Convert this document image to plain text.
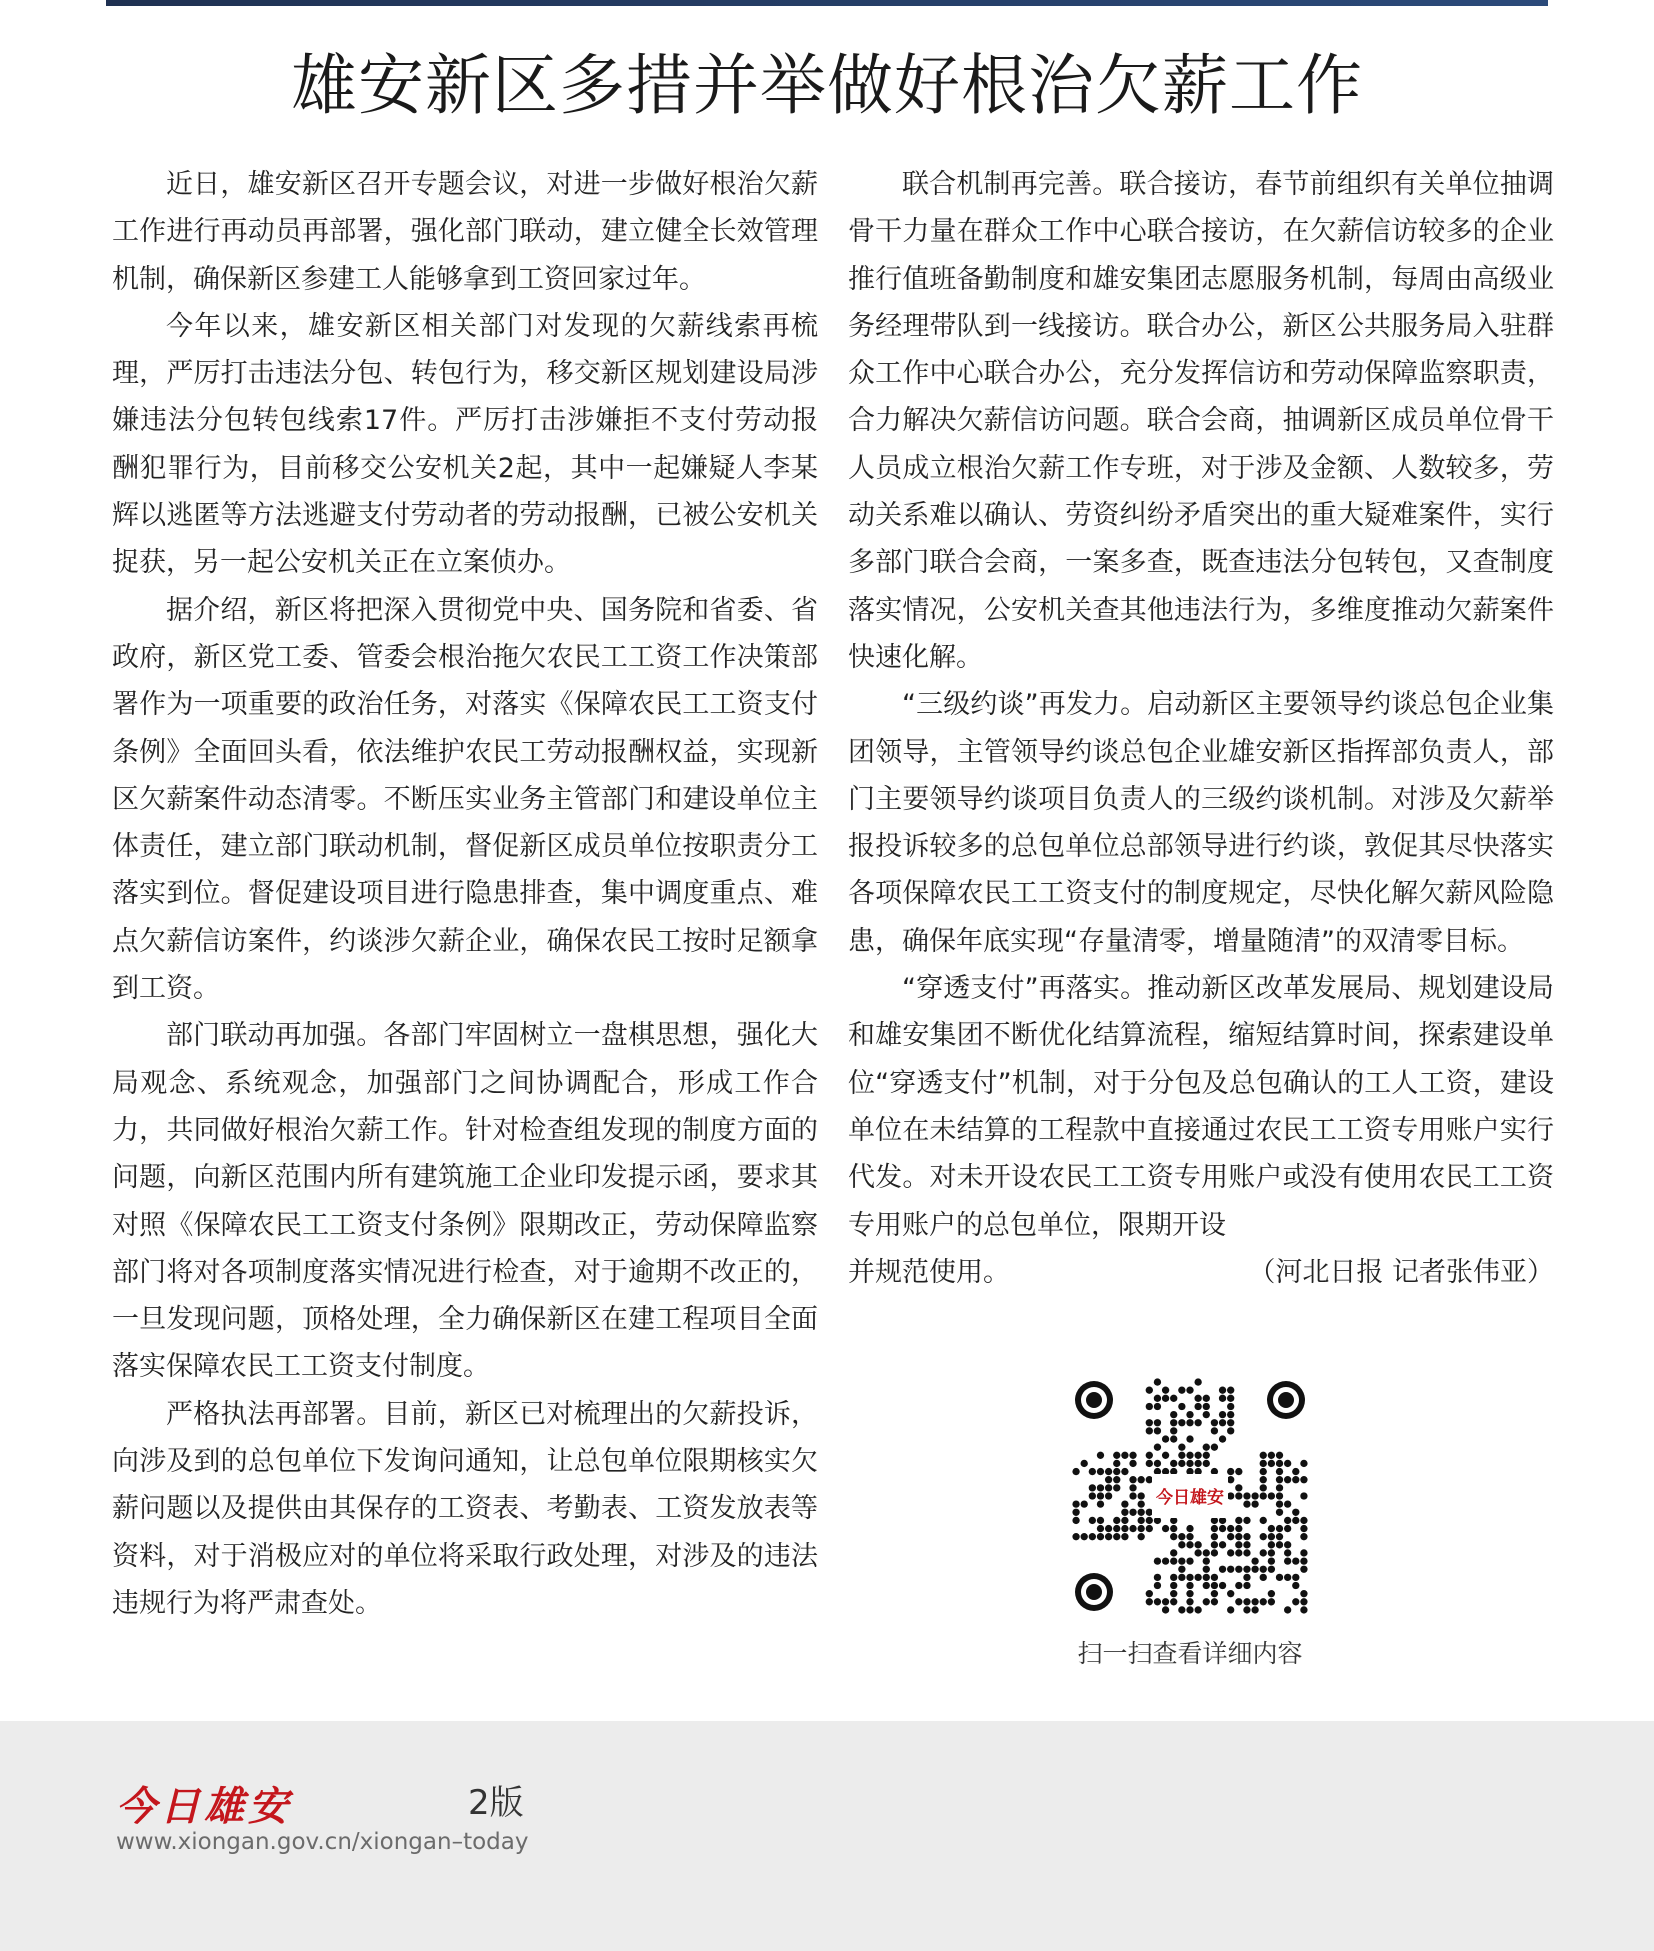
雄安新区多措并举做好根治欠薪工作

近日，雄安新区召开专题会议，对进一步做好根治欠薪工作进行再动员再部署，强化部门联动，建立健全长效管理机制，确保新区参建工人能够拿到工资回家过年。

今年以来，雄安新区相关部门对发现的欠薪线索再梳理，严厉打击违法分包、转包行为，移交新区规划建设局涉嫌违法分包转包线索17件。严厉打击涉嫌拒不支付劳动报酬犯罪行为，目前移交公安机关2起，其中一起嫌疑人李某辉以逃匿等方法逃避支付劳动者的劳动报酬，已被公安机关捉获，另一起公安机关正在立案侦办。

据介绍，新区将把深入贯彻党中央、国务院和省委、省政府，新区党工委、管委会根治拖欠农民工工资工作决策部署作为一项重要的政治任务，对落实《保障农民工工资支付条例》全面回头看，依法维护农民工劳动报酬权益，实现新区欠薪案件动态清零。不断压实业务主管部门和建设单位主体责任，建立部门联动机制，督促新区成员单位按职责分工落实到位。督促建设项目进行隐患排查，集中调度重点、难点欠薪信访案件，约谈涉欠薪企业，确保农民工按时足额拿到工资。

部门联动再加强。各部门牢固树立一盘棋思想，强化大局观念、系统观念，加强部门之间协调配合，形成工作合力，共同做好根治欠薪工作。针对检查组发现的制度方面的问题，向新区范围内所有建筑施工企业印发提示函，要求其对照《保障农民工工资支付条例》限期改正，劳动保障监察部门将对各项制度落实情况进行检查，对于逾期不改正的，一旦发现问题，顶格处理，全力确保新区在建工程项目全面落实保障农民工工资支付制度。

严格执法再部署。目前，新区已对梳理出的欠薪投诉，向涉及到的总包单位下发询问通知，让总包单位限期核实欠薪问题以及提供由其保存的工资表、考勤表、工资发放表等资料，对于消极应对的单位将采取行政处理，对涉及的违法违规行为将严肃查处。

联合机制再完善。联合接访，春节前组织有关单位抽调骨干力量在群众工作中心联合接访，在欠薪信访较多的企业推行值班备勤制度和雄安集团志愿服务机制，每周由高级业务经理带队到一线接访。联合办公，新区公共服务局入驻群众工作中心联合办公，充分发挥信访和劳动保障监察职责，合力解决欠薪信访问题。联合会商，抽调新区成员单位骨干人员成立根治欠薪工作专班，对于涉及金额、人数较多，劳动关系难以确认、劳资纠纷矛盾突出的重大疑难案件，实行多部门联合会商，一案多查，既查违法分包转包，又查制度落实情况，公安机关查其他违法行为，多维度推动欠薪案件快速化解。

“三级约谈”再发力。启动新区主要领导约谈总包企业集团领导，主管领导约谈总包企业雄安新区指挥部负责人，部门主要领导约谈项目负责人的三级约谈机制。对涉及欠薪举报投诉较多的总包单位总部领导进行约谈，敦促其尽快落实各项保障农民工工资支付的制度规定，尽快化解欠薪风险隐患，确保年底实现“存量清零，增量随清”的双清零目标。

“穿透支付”再落实。推动新区改革发展局、规划建设局和雄安集团不断优化结算流程，缩短结算时间，探索建设单位“穿透支付”机制，对于分包及总包确认的工人工资，建设单位在未结算的工程款中直接通过农民工工资专用账户实行代发。对未开设农民工工资专用账户或没有使用农民工工资专用账户的总包单位，限期开设

并规范使用。	（河北日报 记者张伟亚）
今日雄安
扫一扫查看详细内容
今日雄安	2版
www.xiongan.gov.cn/xiongan–today
